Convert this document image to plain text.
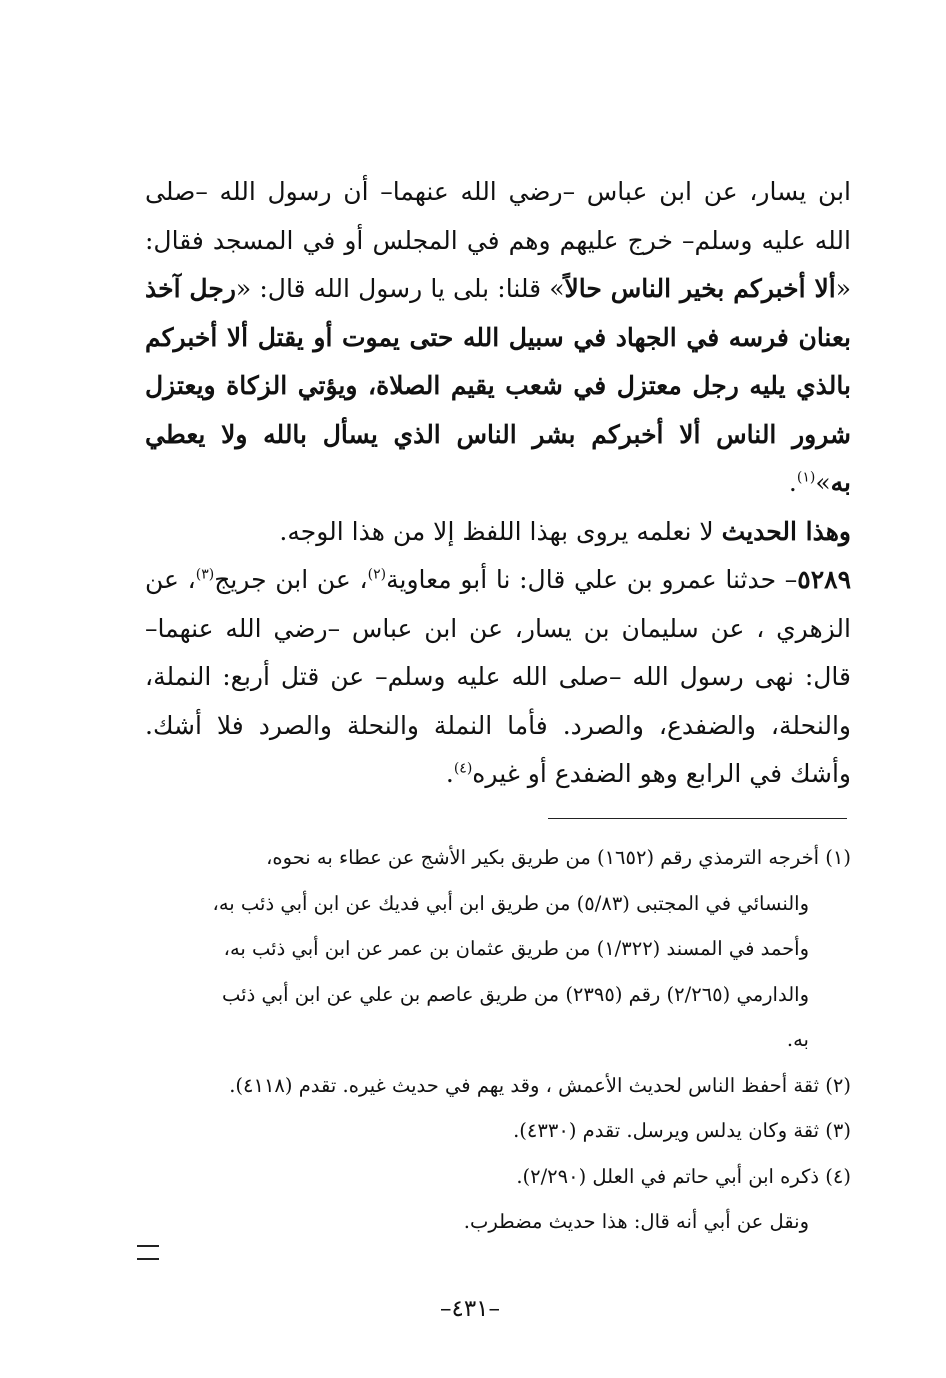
ابن يسار، عن ابن عباس –رضي الله عنهما– أن رسول الله –صلى الله عليه وسلم– خرج عليهم وهم في المجلس أو في المسجد فقال: «ألا أخبركم بخير الناس حالاً» قلنا: بلى يا رسول الله قال: «رجل آخذ بعنان فرسه في الجهاد في سبيل الله حتى يموت أو يقتل ألا أخبركم بالذي يليه رجل معتزل في شعب يقيم الصلاة، ويؤتي الزكاة ويعتزل شرور الناس ألا أخبركم بشر الناس الذي يسأل بالله ولا يعطي به»$^{(١)}$.

وهذا الحديث لا نعلمه يروى بهذا اللفظ إلا من هذا الوجه.

٥٢٨٩– حدثنا عمرو بن علي قال: نا أبو معاوية$^{(٢)}$، عن ابن جريج$^{(٣)}$، عن الزهري ، عن سليمان بن يسار، عن ابن عباس –رضي الله عنهما– قال: نهى رسول الله –صلى الله عليه وسلم– عن قتل أربع: النملة، والنحلة، والضفدع، والصرد. فأما النملة والنحلة والصرد فلا أشك. وأشك في الرابع وهو الضفدع أو غيره$^{(٤)}$.

(١) أخرجه الترمذي رقم (١٦٥٢) من طريق بكير الأشج عن عطاء به نحوه،

والنسائي في المجتبى (٥/٨٣) من طريق ابن أبي فديك عن ابن أبي ذئب به،

وأحمد في المسند (١/٣٢٢) من طريق عثمان بن عمر عن ابن أبي ذئب به،

والدارمي (٢/٢٦٥) رقم (٢٣٩٥) من طريق عاصم بن علي عن ابن أبي ذئب

به.

(٢) ثقة أحفظ الناس لحديث الأعمش ، وقد يهم في حديث غيره. تقدم (٤١١٨).

(٣) ثقة وكان يدلس ويرسل. تقدم (٤٣٣٠).

(٤) ذكره ابن أبي حاتم في العلل (٢/٢٩٠).

ونقل عن أبي أنه قال: هذا حديث مضطرب.

–٤٣١–
